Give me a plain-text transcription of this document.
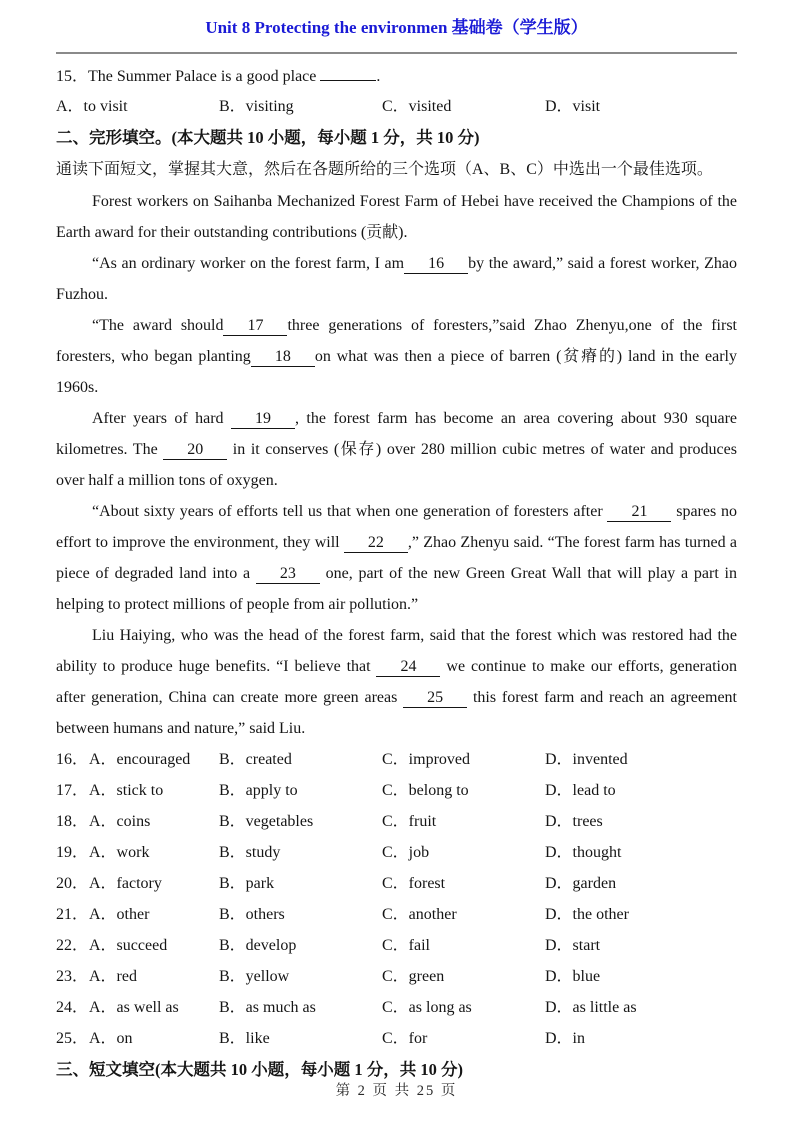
Unit 8 Protecting the environmen 基础卷（学生版）
15．The Summer Palace is a good place	.
A．to visit	B．visiting	C．visited	D．visit
二、完形填空。(本大题共 10 小题，每小题 1 分，共 10 分)
通读下面短文，掌握其大意，然后在各题所给的三个选项（A、B、C）中选出一个最佳选项。

Forest workers on Saihanba Mechanized Forest Farm of Hebei have received the Champions of the Earth award for their outstanding contributions (贡献).

“As an ordinary worker on the forest farm, I am 16 by the award,” said a forest worker, Zhao Fuzhou.

“The award should 17 three generations of foresters,”said Zhao Zhenyu,one of the first foresters, who began planting 18 on what was then a piece of barren (贫瘠的) land in the early 1960s.

After years of hard 19 , the forest farm has become an area covering about 930 square kilometres. The 20 in it conserves (保存) over 280 million cubic metres of water and produces over half a million tons of oxygen.

“About sixty years of efforts tell us that when one generation of foresters after 21 spares no effort to improve the environment, they will 22 ,” Zhao Zhenyu said. “The forest farm has turned a piece of degraded land into a 23 one, part of the new Green Great Wall that will play a part in helping to protect millions of people from air pollution.”

Liu Haiying, who was the head of the forest farm, said that the forest which was restored had the ability to produce huge benefits. “I believe that 24 we continue to make our efforts, generation after generation, China can create more green areas 25 this forest farm and reach an agreement between humans and nature,” said Liu.

16． A．encouraged	B．created	C．improved	D．invented
17． A．stick to	B．apply to	C．belong to	D．lead to
18． A．coins	B．vegetables	C．fruit	D．trees
19． A．work	B．study	C．job	D．thought
20． A．factory	B．park	C．forest	D．garden
21． A．other	B．others	C．another	D．the other
22． A．succeed	B．develop	C．fail	D．start
23． A．red	B．yellow	C．green	D．blue
24． A．as well as	B．as much as	C．as long as	D．as little as
25． A．on	B．like	C．for	D．in
三、短文填空(本大题共 10 小题，每小题 1 分，共 10 分)
第 2 页 共 25 页
